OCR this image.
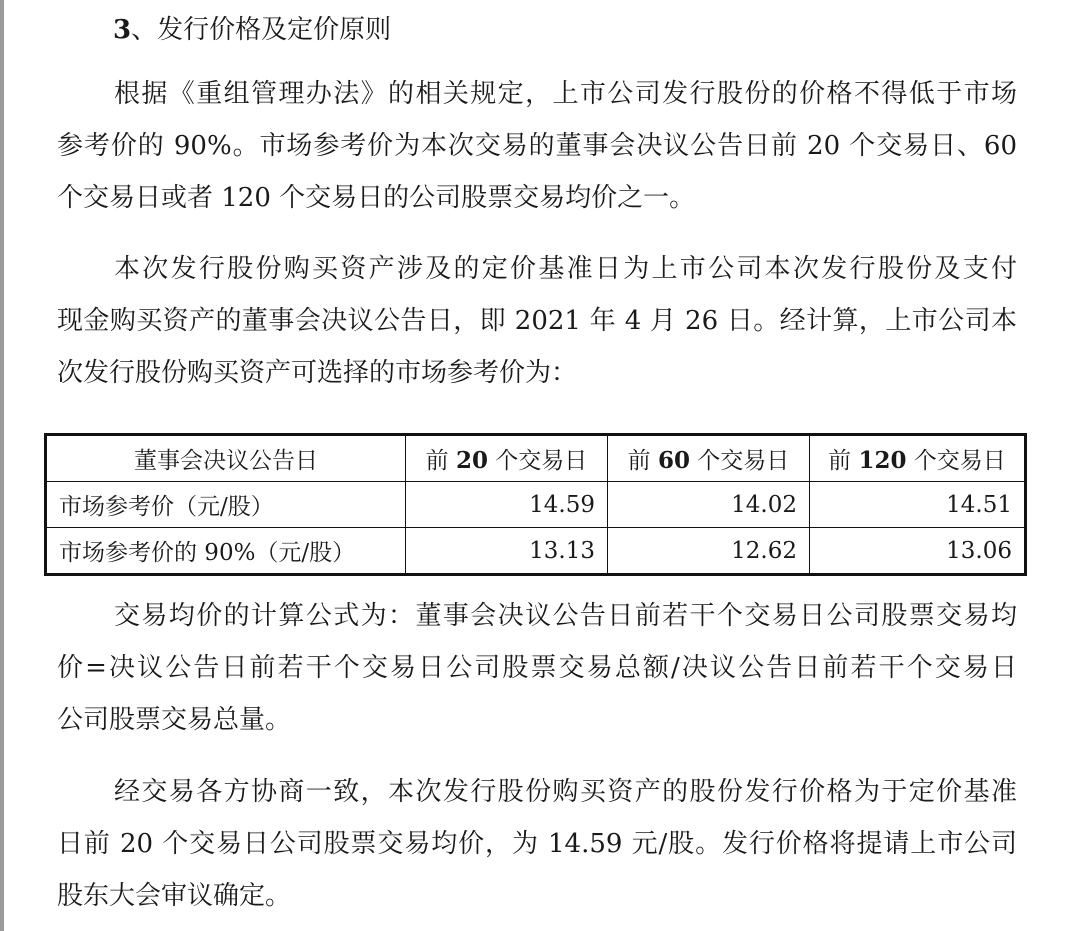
3、发行价格及定价原则
根据《重组管理办法》的相关规定，上市公司发行股份的价格不得低于市场
参考价的 90%。市场参考价为本次交易的董事会决议公告日前 20 个交易日、60
个交易日或者 120 个交易日的公司股票交易均价之一。
本次发行股份购买资产涉及的定价基准日为上市公司本次发行股份及支付
现金购买资产的董事会决议公告日，即 2021 年 4 月 26 日。经计算，上市公司本
次发行股份购买资产可选择的市场参考价为：
董事会决议公告日	前 20 个交易日	前 60 个交易日	前 120 个交易日
市场参考价（元/股）	14.59	14.02	14.51
市场参考价的 90%（元/股）	13.13	12.62	13.06
交易均价的计算公式为：董事会决议公告日前若干个交易日公司股票交易均
价=决议公告日前若干个交易日公司股票交易总额/决议公告日前若干个交易日
公司股票交易总量。
经交易各方协商一致，本次发行股份购买资产的股份发行价格为于定价基准
日前 20 个交易日公司股票交易均价，为 14.59 元/股。发行价格将提请上市公司
股东大会审议确定。
